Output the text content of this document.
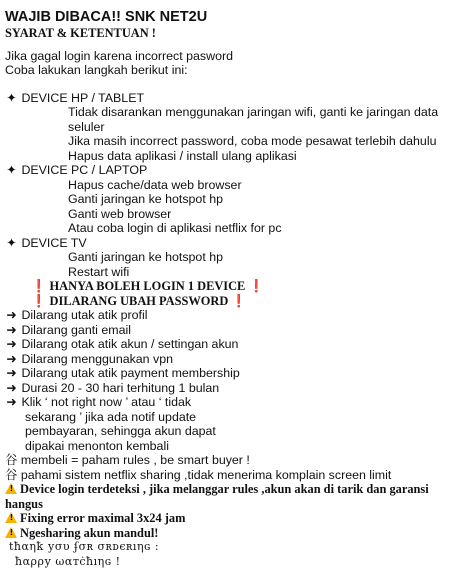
WAJIB DIBACA!! SNK NET2U
SYARAT & KETENTUAN !
Jika gagal login karena incorrect pasword
Coba lakukan langkah berikut ini:
✦ DEVICE HP / TABLET
Tidak disarankan menggunakan jaringan wifi, ganti ke jaringan data seluler
Jika masih incorrect password, coba mode pesawat terlebih dahulu
Hapus data aplikasi / install ulang aplikasi
✦ DEVICE PC / LAPTOP
Hapus cache/data web browser
Ganti jaringan ke hotspot hp
Ganti web browser
Atau coba login di aplikasi netflix for pc
✦ DEVICE TV
Ganti jaringan ke hotspot hp
Restart wifi
❗ HANYA BOLEH LOGIN 1 DEVICE ❗
❗ DILARANG UBAH PASSWORD ❗
➜ Dilarang utak atik profil
➜ Dilarang ganti email
➜ Dilarang otak atik akun / settingan akun
➜ Dilarang menggunakan vpn
➜ Dilarang utak atik payment membership
➜ Durasi 20 - 30 hari terhitung 1 bulan
➜ Klik ‘ not right now ’ atau ‘ tidak
sekarang ’ jika ada notif update
pembayaran, sehingga akun dapat
dipakai menonton kembali
谷 membeli = paham rules , be smart buyer !
谷 pahami sistem netflix sharing ,tidak menerima komplain screen limit
!Device login terdeteksi , jika melanggar rules ,akun akan di tarik dan garansi hangus
!Fixing error maximal 3x24 jam
!Ngesharing akun mandul!
tħαηҟ уσυ ʄσʀ σʀᴅєʀıηɢ :
ħαρρу ωαтċħıηɢ !
